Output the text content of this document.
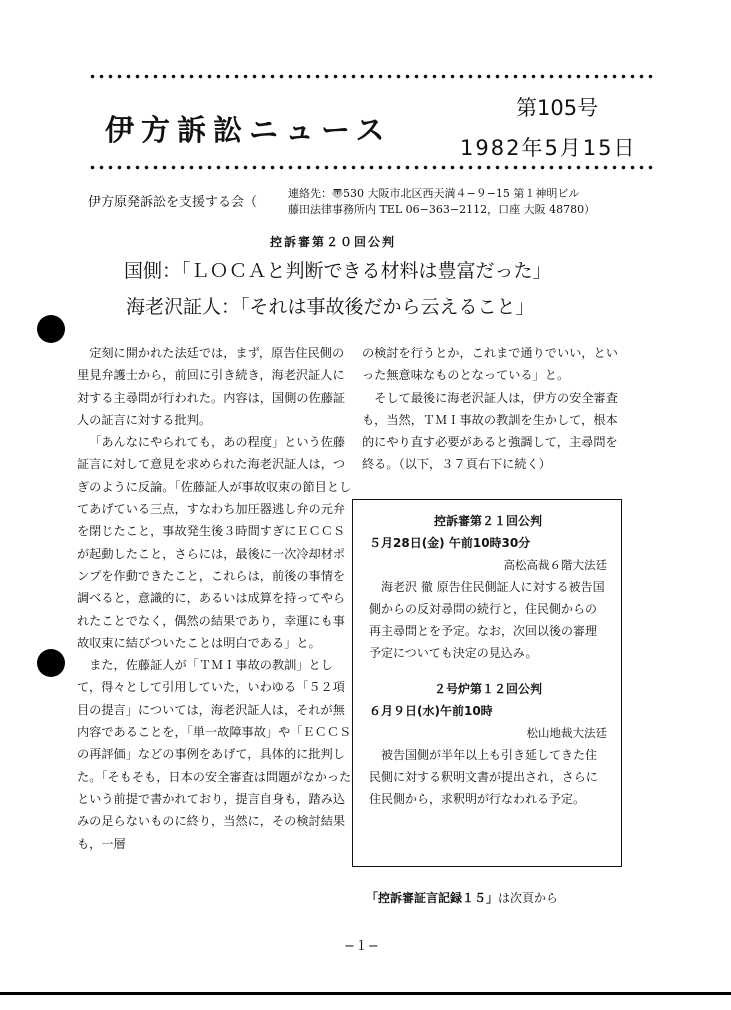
伊方訴訟ニュース
第105号
1982年5月15日
伊方原発訴訟を支援する会（
連絡先：〠530 大阪市北区西天満４−９−15 第１神明ビル
藤田法律事務所内 TEL 06−363−2112，口座 大阪 48780）
控訴審第２０回公判
国側：「ＬＯＣＡと判断できる材料は豊富だった」
海老沢証人：「それは事故後だから云えること」

定刻に開かれた法廷では，まず，原告住民側の里見弁護士から，前回に引き続き，海老沢証人に対する主尋問が行われた。内容は，国側の佐藤証人の証言に対する批判。

「あんなにやられても，あの程度」という佐藤証言に対して意見を求められた海老沢証人は，つぎのように反論。「佐藤証人が事故収束の節目としてあげている三点，すなわち加圧器逃し弁の元弁を閉じたこと，事故発生後３時間すぎにＥＣＣＳが起動したこと，さらには，最後に一次冷却材ポンプを作動できたこと，これらは，前後の事情を調べると，意識的に，あるいは成算を持ってやられたことでなく，偶然の結果であり，幸運にも事故収束に結びついたことは明白である」と。

また，佐藤証人が「ＴＭＩ事故の教訓」として，得々として引用していた，いわゆる「５２項目の提言」については，海老沢証人は，それが無内容であることを，「単一故障事故」や「ＥＣＣＳの再評価」などの事例をあげて，具体的に批判した。「そもそも，日本の安全審査は問題がなかったという前提で書かれており，提言自身も，踏み込みの足らないものに終り，当然に，その検討結果も，一層

の検討を行うとか，これまで通りでいい，といった無意味なものとなっている」と。

そして最後に海老沢証人は，伊方の安全審査も，当然，ＴＭＩ事故の教訓を生かして，根本的にやり直す必要があると強調して，主尋問を終る。（以下，３７頁右下に続く）

控訴審第２１回公判
５月28日(金) 午前10時30分
高松高裁６階大法廷
海老沢 徹 原告住民側証人に対する被告国側からの反対尋問の続行と，住民側からの再主尋問とを予定。なお，次回以後の審理予定についても決定の見込み。
２号炉第１２回公判
６月９日(水)午前10時
松山地裁大法廷
被告国側が半年以上も引き延してきた住民側に対する釈明文書が提出され，さらに住民側から，求釈明が行なわれる予定。
「控訴審証言記録１５」は次頁から
−１−
